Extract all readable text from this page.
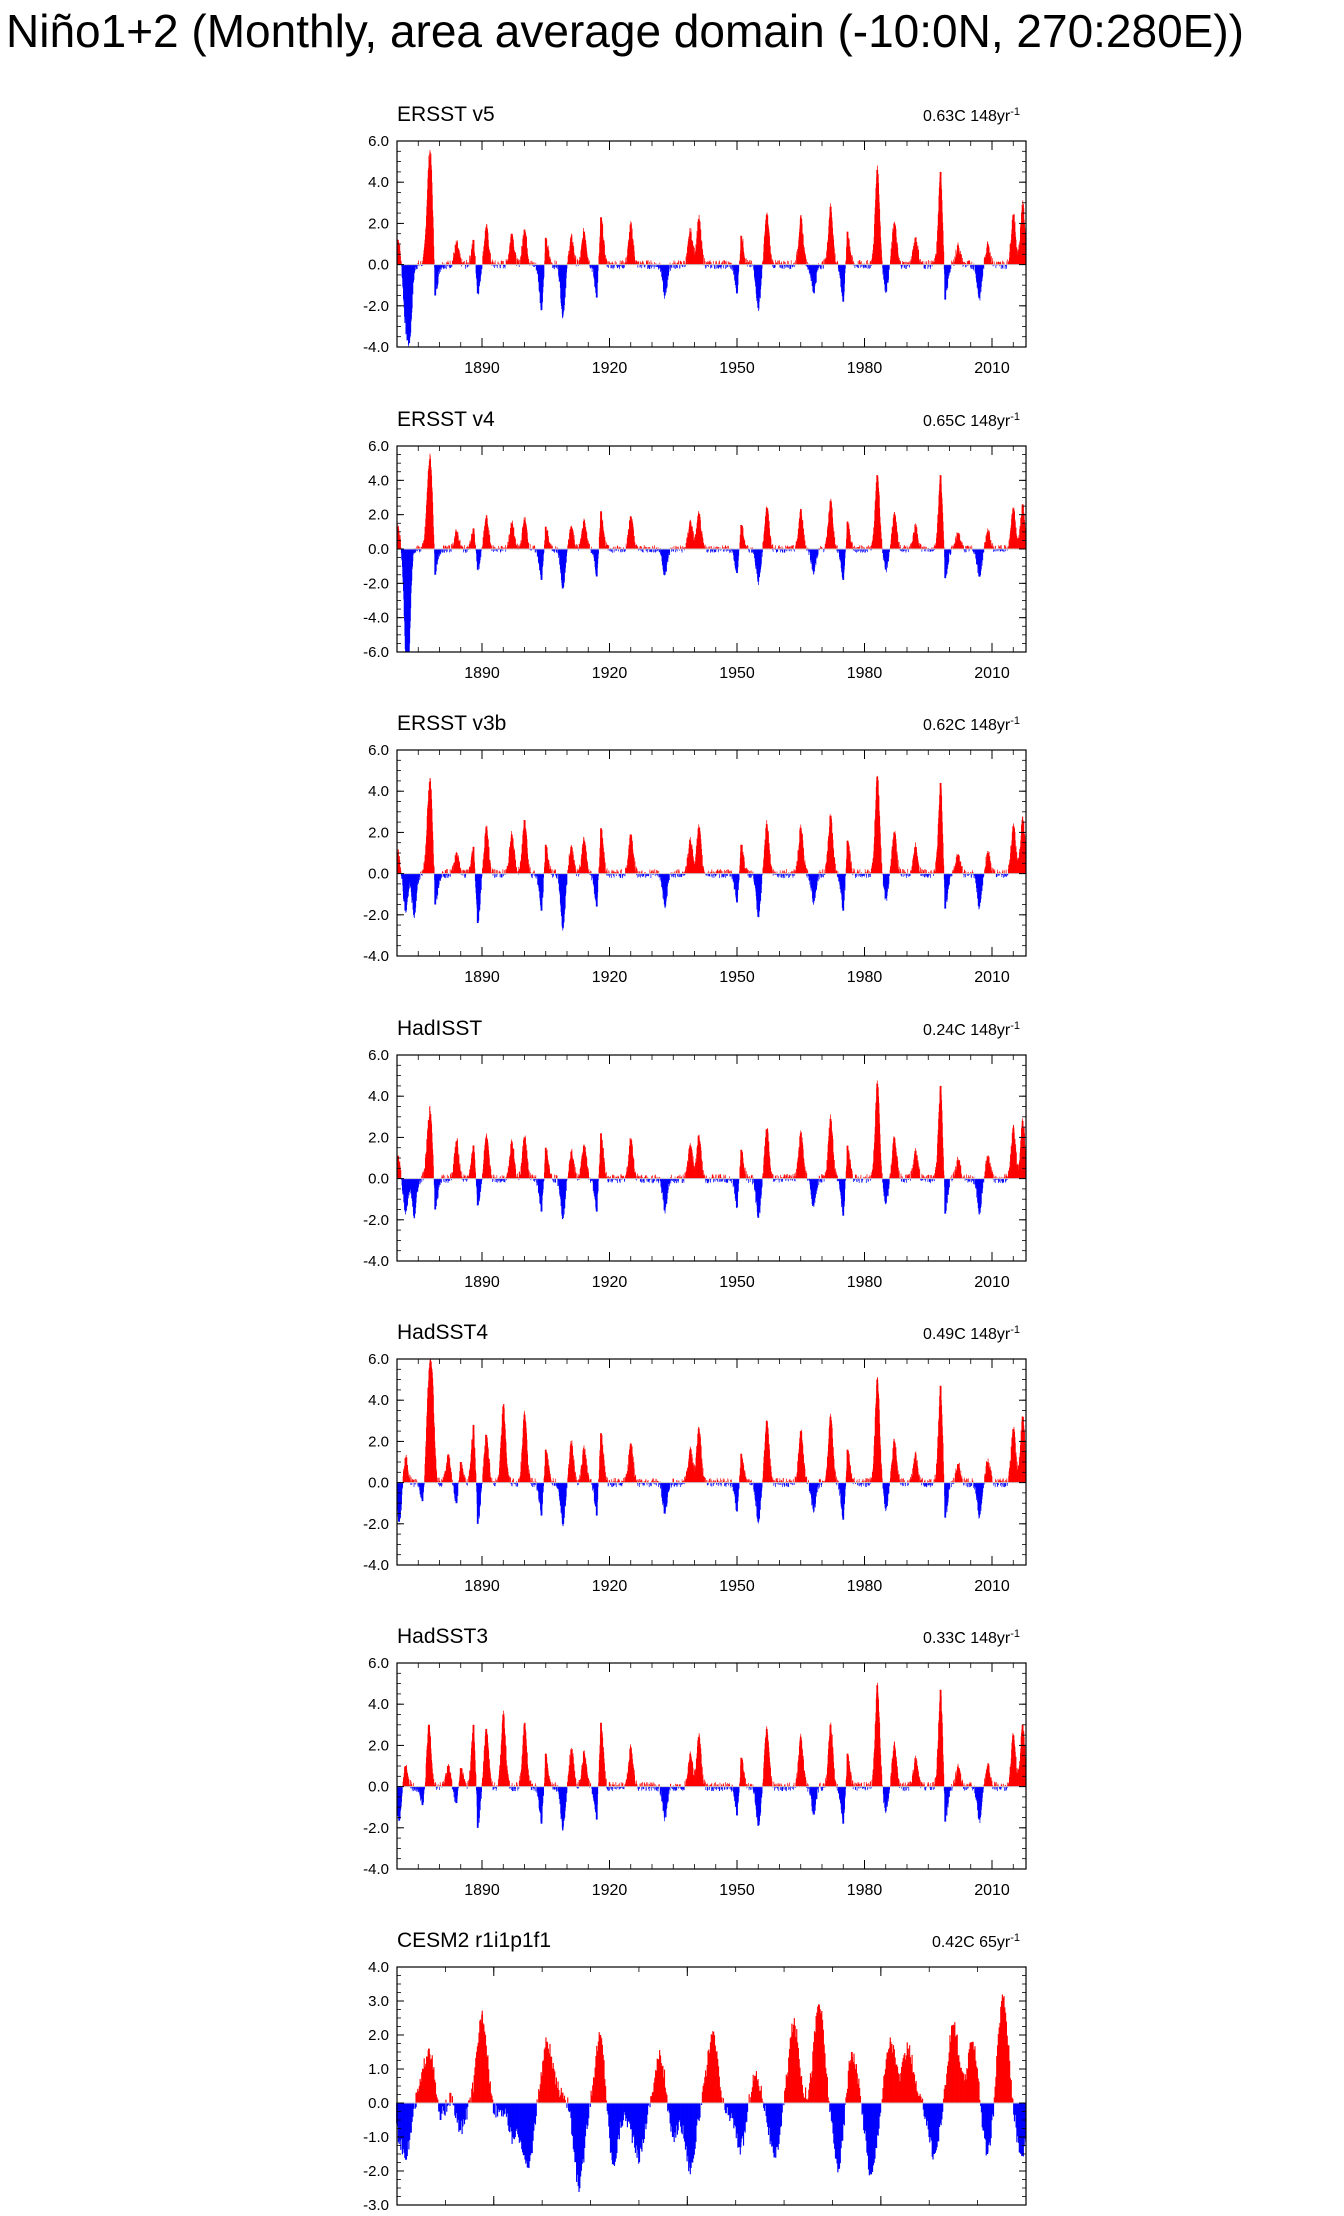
Niño1+2 (Monthly, area average domain (-10:0N, 270:280E))
6.0
4.0
2.0
0.0
-2.0
-4.0
1890	1920	1950	1980	2010
ERSST v5	0.63C $148yr^{-1}$
6.0
4.0
2.0
0.0
-2.0
-4.0
-6.0
1890	1920	1950	1980	2010
ERSST v4	0.65C $148yr^{-1}$
6.0
4.0
2.0
0.0
-2.0
-4.0
1890	1920	1950	1980	2010
ERSST v3b	0.62C $148yr^{-1}$
6.0
4.0
2.0
0.0
-2.0
-4.0
1890	1920	1950	1980	2010
HadISST	0.24C $148yr^{-1}$
6.0
4.0
2.0
0.0
-2.0
-4.0
1890	1920	1950	1980	2010
HadSST4	0.49C $148yr^{-1}$
6.0
4.0
2.0
0.0
-2.0
-4.0
1890	1920	1950	1980	2010
HadSST3	0.33C $148yr^{-1}$
4.0
3.0
2.0
1.0
0.0
-1.0
-2.0
-3.0
CESM2 r1i1p1f1	0.42C $65yr^{-1}$
